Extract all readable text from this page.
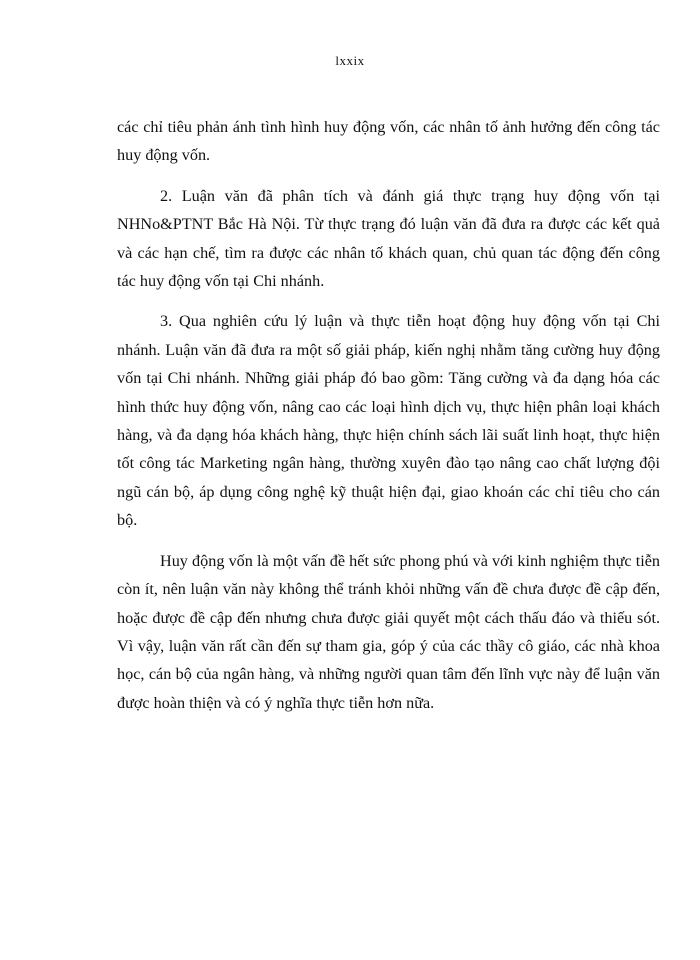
lxxix

các chỉ tiêu phản ánh tình hình huy động vốn, các nhân tố ảnh hưởng đến công tác huy động vốn.

2. Luận văn đã phân tích và đánh giá thực trạng huy động vốn tại NHNo&PTNT Bắc Hà Nội. Từ thực trạng đó luận văn đã đưa ra được các kết quả và các hạn chế, tìm ra được các nhân tố khách quan, chủ quan tác động đến công tác huy động vốn tại Chi nhánh.

3. Qua nghiên cứu lý luận và thực tiễn hoạt động huy động vốn tại Chi nhánh. Luận văn đã đưa ra một số giải pháp, kiến nghị nhằm tăng cường huy động vốn tại Chi nhánh. Những giải pháp đó bao gồm: Tăng cường và đa dạng hóa các hình thức huy động vốn, nâng cao các loại hình dịch vụ, thực hiện phân loại khách hàng, và đa dạng hóa khách hàng, thực hiện chính sách lãi suất linh hoạt, thực hiện tốt công tác Marketing ngân hàng, thường xuyên đào tạo nâng cao chất lượng đội ngũ cán bộ, áp dụng công nghệ kỹ thuật hiện đại, giao khoán các chỉ tiêu cho cán bộ.

Huy động vốn là một vấn đề hết sức phong phú và với kinh nghiệm thực tiễn còn ít, nên luận văn này không thể tránh khỏi những vấn đề chưa được đề cập đến, hoặc được đề cập đến nhưng chưa được giải quyết một cách thấu đáo và thiếu sót. Vì vậy, luận văn rất cần đến sự tham gia, góp ý của các thầy cô giáo, các nhà khoa học, cán bộ của ngân hàng, và những người quan tâm đến lĩnh vực này để luận văn được hoàn thiện và có ý nghĩa thực tiễn hơn nữa.
